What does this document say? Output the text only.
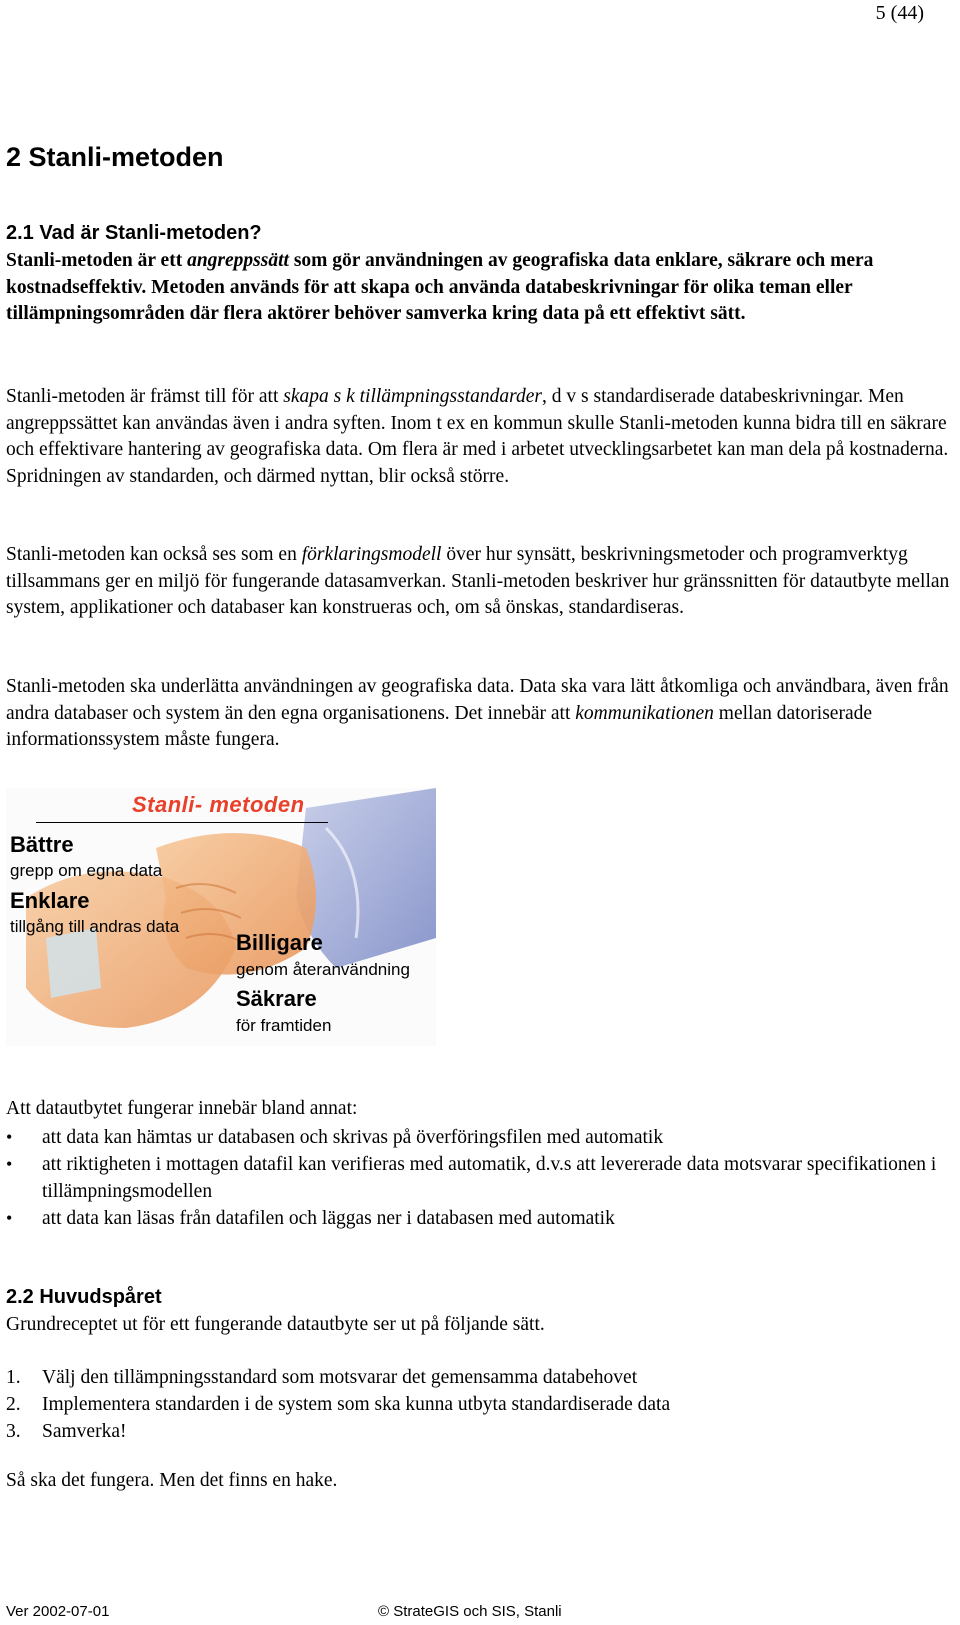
5 (44)
2 Stanli-metoden
2.1 Vad är Stanli-metoden?
Stanli-metoden är ett angreppssätt som gör användningen av geografiska data enklare, säkrare och mera kostnadseffektiv. Metoden används för att skapa och använda databeskrivningar för olika teman eller tillämpningsområden där flera aktörer behöver samverka kring data på ett effektivt sätt.
Stanli-metoden är främst till för att skapa s k tillämpningsstandarder, d v s standardiserade databeskrivningar. Men angreppssättet kan användas även i andra syften. Inom t ex en kommun skulle Stanli-metoden kunna bidra till en säkrare och effektivare hantering av geografiska data. Om flera är med i arbetet utvecklingsarbetet kan man dela på kostnaderna. Spridningen av standarden, och därmed nyttan, blir också större.
Stanli-metoden kan också ses som en förklaringsmodell över hur synsätt, beskrivningsmetoder och programverktyg tillsammans ger en miljö för fungerande datasamverkan. Stanli-metoden beskriver hur gränssnitten för datautbyte mellan system, applikationer och databaser kan konstrueras och, om så önskas, standardiseras.
Stanli-metoden ska underlätta användningen av geografiska data. Data ska vara lätt åtkomliga och användbara, även från andra databaser och system än den egna organisationens. Det innebär att kommunikationen mellan datoriserade informationssystem måste fungera.
Stanli- metoden
Bättre
grepp om egna data
Enklare
tillgång till andras data
Billigare
genom återanvändning
Säkrare
för framtiden
Att datautbytet fungerar innebär bland annat:
•	att data kan hämtas ur databasen och skrivas på överföringsfilen med automatik
•	att riktigheten i mottagen datafil kan verifieras med automatik, d.v.s att levererade data motsvarar specifikationen i tillämpningsmodellen
•	att data kan läsas från datafilen och läggas ner i databasen med automatik
2.2 Huvudspåret
Grundreceptet ut för ett fungerande datautbyte ser ut på följande sätt.
1.	Välj den tillämpningsstandard som motsvarar det gemensamma databehovet
2.	Implementera standarden i de system som ska kunna utbyta standardiserade data
3.	Samverka!
Så ska det fungera. Men det finns en hake.
Ver 2002-07-01	© StrateGIS och SIS, Stanli
